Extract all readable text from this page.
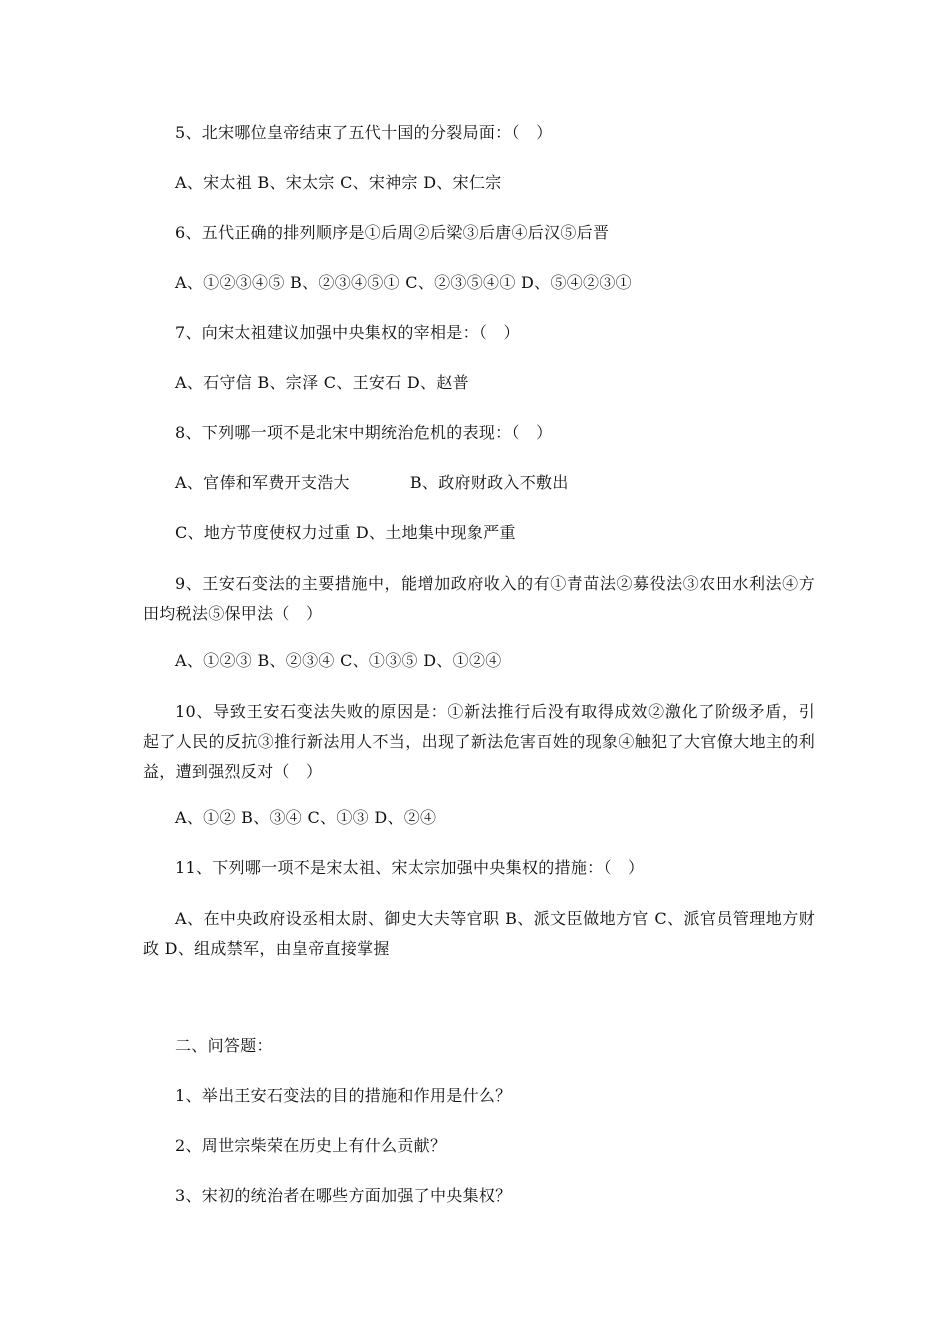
5、北宋哪位皇帝结束了五代十国的分裂局面：（　）
A、宋太祖 B、宋太宗 C、宋神宗 D、宋仁宗
6、五代正确的排列顺序是①后周②后梁③后唐④后汉⑤后晋
A、①②③④⑤ B、②③④⑤① C、②③⑤④① D、⑤④②③①
7、向宋太祖建议加强中央集权的宰相是：（　）
A、石守信 B、宗泽 C、王安石 D、赵普
8、下列哪一项不是北宋中期统治危机的表现：（　）
A、官俸和军费开支浩大	B、政府财政入不敷出
C、地方节度使权力过重 D、土地集中现象严重
9、王安石变法的主要措施中，能增加政府收入的有①青苗法②募役法③农田水利法④方田均税法⑤保甲法（　）
A、①②③ B、②③④ C、①③⑤ D、①②④
10、导致王安石变法失败的原因是：①新法推行后没有取得成效②激化了阶级矛盾，引起了人民的反抗③推行新法用人不当，出现了新法危害百姓的现象④触犯了大官僚大地主的利益，遭到强烈反对（　）
A、①② B、③④ C、①③ D、②④
11、下列哪一项不是宋太祖、宋太宗加强中央集权的措施：（　）
A、在中央政府设丞相太尉、御史大夫等官职 B、派文臣做地方官 C、派官员管理地方财政 D、组成禁军，由皇帝直接掌握
二、问答题：
1、举出王安石变法的目的措施和作用是什么？
2、周世宗柴荣在历史上有什么贡献？
3、宋初的统治者在哪些方面加强了中央集权？
